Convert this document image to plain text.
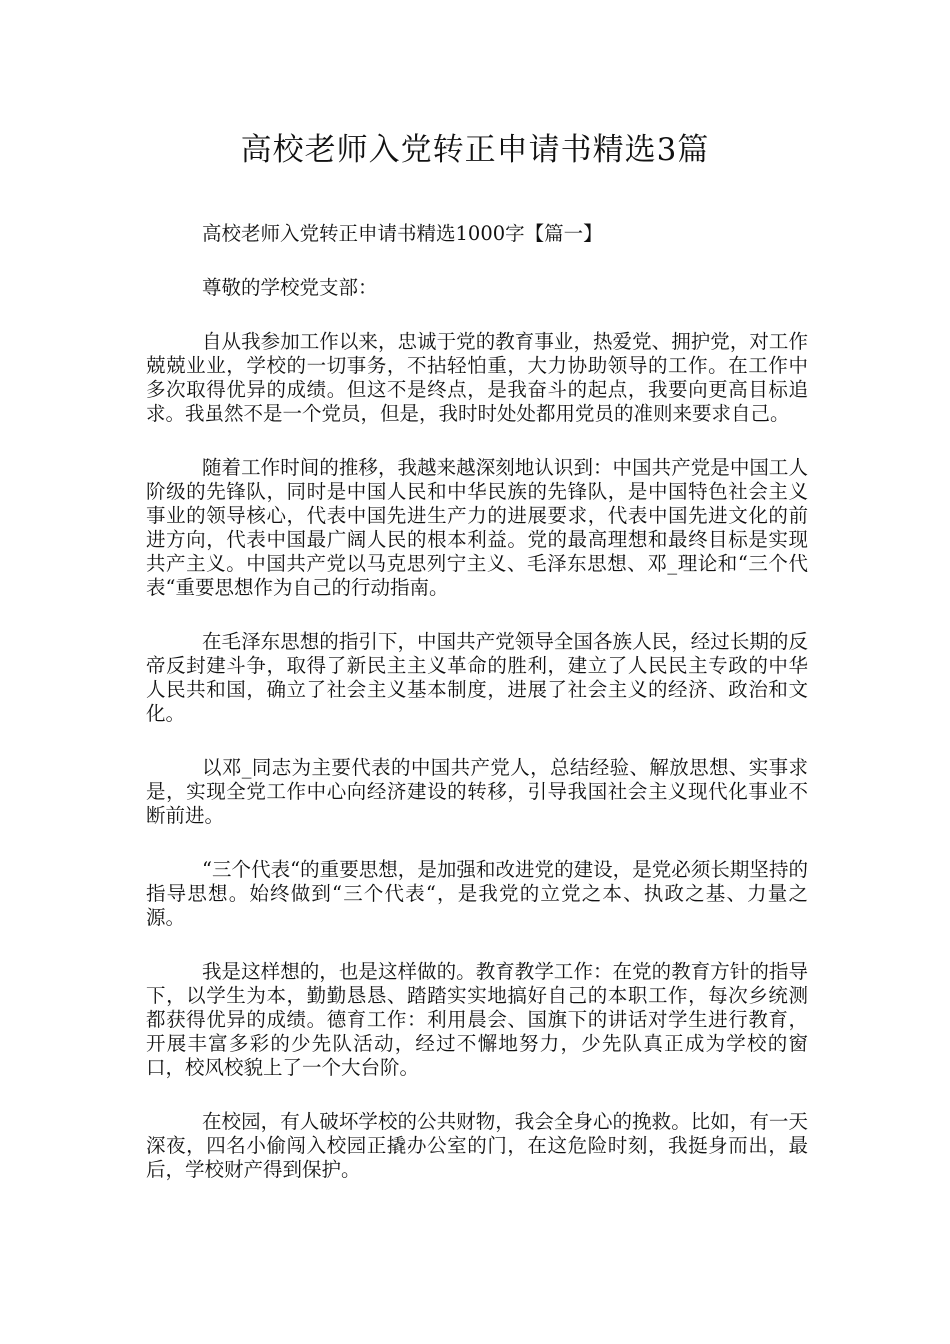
高校老师入党转正申请书精选3篇

高校老师入党转正申请书精选1000字【篇一】

尊敬的学校党支部：

自从我参加工作以来，忠诚于党的教育事业，热爱党、拥护党，对工作兢兢业业，学校的一切事务，不拈轻怕重，大力协助领导的工作。在工作中多次取得优异的成绩。但这不是终点，是我奋斗的起点，我要向更高目标追求。我虽然不是一个党员，但是，我时时处处都用党员的准则来要求自己。

随着工作时间的推移，我越来越深刻地认识到：中国共产党是中国工人阶级的先锋队，同时是中国人民和中华民族的先锋队，是中国特色社会主义事业的领导核心，代表中国先进生产力的进展要求，代表中国先进文化的前进方向，代表中国最广阔人民的根本利益。党的最高理想和最终目标是实现共产主义。中国共产党以马克思列宁主义、毛泽东思想、邓_理论和“三个代表“重要思想作为自己的行动指南。

在毛泽东思想的指引下，中国共产党领导全国各族人民，经过长期的反帝反封建斗争，取得了新民主主义革命的胜利，建立了人民民主专政的中华人民共和国，确立了社会主义基本制度，进展了社会主义的经济、政治和文化。

以邓_同志为主要代表的中国共产党人，总结经验、解放思想、实事求是，实现全党工作中心向经济建设的转移，引导我国社会主义现代化事业不断前进。

“三个代表“的重要思想，是加强和改进党的建设，是党必须长期坚持的指导思想。始终做到“三个代表“，是我党的立党之本、执政之基、力量之源。

我是这样想的，也是这样做的。教育教学工作：在党的教育方针的指导下，以学生为本，勤勤恳恳、踏踏实实地搞好自己的本职工作，每次乡统测都获得优异的成绩。德育工作：利用晨会、国旗下的讲话对学生进行教育，开展丰富多彩的少先队活动，经过不懈地努力，少先队真正成为学校的窗口，校风校貌上了一个大台阶。

在校园，有人破坏学校的公共财物，我会全身心的挽救。比如，有一天深夜，四名小偷闯入校园正撬办公室的门，在这危险时刻，我挺身而出，最后，学校财产得到保护。
